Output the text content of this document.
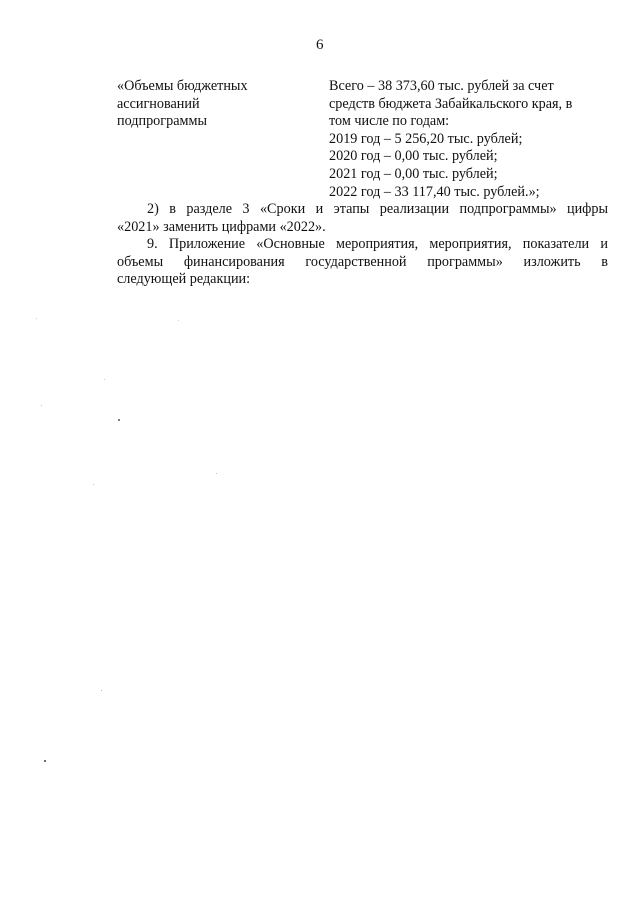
6
«Объемы бюджетных
ассигнований
подпрограммы
Всего – 38 373,60 тыс. рублей за счет
средств бюджета Забайкальского края, в
том числе по годам:
2019 год – 5 256,20 тыс. рублей;
2020 год – 0,00 тыс. рублей;
2021 год – 0,00 тыс. рублей;
2022 год – 33 117,40 тыс. рублей.»;
2) в разделе 3 «Сроки и этапы реализации подпрограммы» цифры
«2021» заменить цифрами «2022».
9. Приложение «Основные мероприятия, мероприятия, показатели и
объемы финансирования государственной программы» изложить в
следующей редакции:
